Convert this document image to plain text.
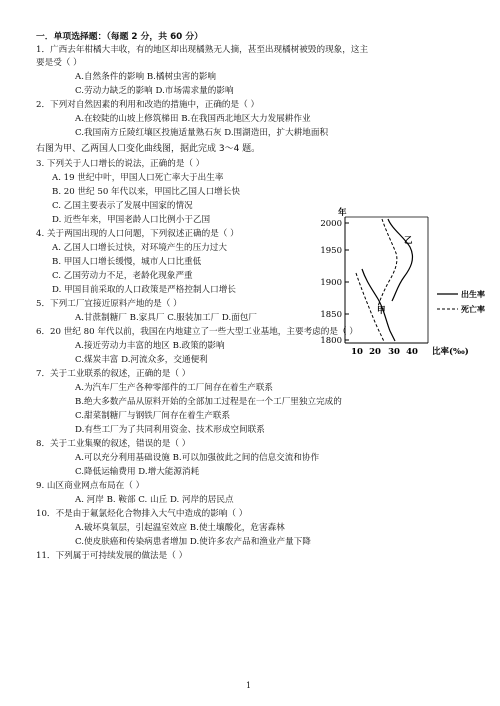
一．单项选择题：（每题 2 分，共 60 分）
1．广西去年柑橘大丰收，有的地区却出现橘熟无人摘，甚至出现橘树被毁的现象，这主
要是受（ ）
A.自然条件的影响 B.橘树虫害的影响
C.劳动力缺乏的影响 D.市场需求量的影响
2．下列对自然因素的利用和改造的措施中，正确的是（ ）
A.在较陡的山坡上修筑梯田 B.在我国西北地区大力发展耕作业
C.我国南方丘陵红壤区投施适量熟石灰 D.围湖造田，扩大耕地面积
右图为甲、乙两国人口变化曲线图，据此完成 3～4 题。
3. 下列关于人口增长的说法，正确的是（ ）
A. 19 世纪中叶，甲国人口死亡率大于出生率
B. 20 世纪 50 年代以来，甲国比乙国人口增长快
C. 乙国主要表示了发展中国家的情况
D. 近些年来，甲国老龄人口比例小于乙国
4. 关于两国出现的人口问题，下列叙述正确的是（ ）
A. 乙国人口增长过快，对环境产生的压力过大
B. 甲国人口增长缓慢，城市人口比重低
C. 乙国劳动力不足，老龄化现象严重
D. 甲国目前采取的人口政策是严格控制人口增长
5．下列工厂宜接近原料产地的是（ ）
A.甘蔗制糖厂 B.家具厂 C.服装加工厂 D.面包厂
6．20 世纪 80 年代以前，我国在内地建立了一些大型工业基地，主要考虑的是（ ）
A.接近劳动力丰富的地区 B.政策的影响
C.煤炭丰富 D.河流众多，交通便利
7．关于工业联系的叙述，正确的是（ ）
A.为汽车厂生产各种零部件的工厂间存在着生产联系
B.绝大多数产品从原料开始的全部加工过程是在一个工厂里独立完成的
C.甜菜制糖厂与钢铁厂间存在着生产联系
D.有些工厂为了共同利用资金、技术形成空间联系
8．关于工业集聚的叙述，错误的是（ ）
A.可以充分利用基础设施 B.可以加强彼此之间的信息交流和协作
C.降低运输费用 D.增大能源消耗
9. 山区商业网点布局在（ ）
A. 河岸 B. 鞍部 C. 山丘 D. 河岸的居民点
10．不是由于氟氯烃化合物排入大气中造成的影响（ ）
A.破坏臭氧层，引起温室效应 B.使土壤酸化，危害森林
C.使皮肤癌和传染病患者增加 D.使许多农产品和渔业产量下降
11．下列属于可持续发展的做法是（ ）
2000
1950
1900
1850
1800
年
10 20 30 40 比率(‰)
乙
甲
出生率
死亡率
1
